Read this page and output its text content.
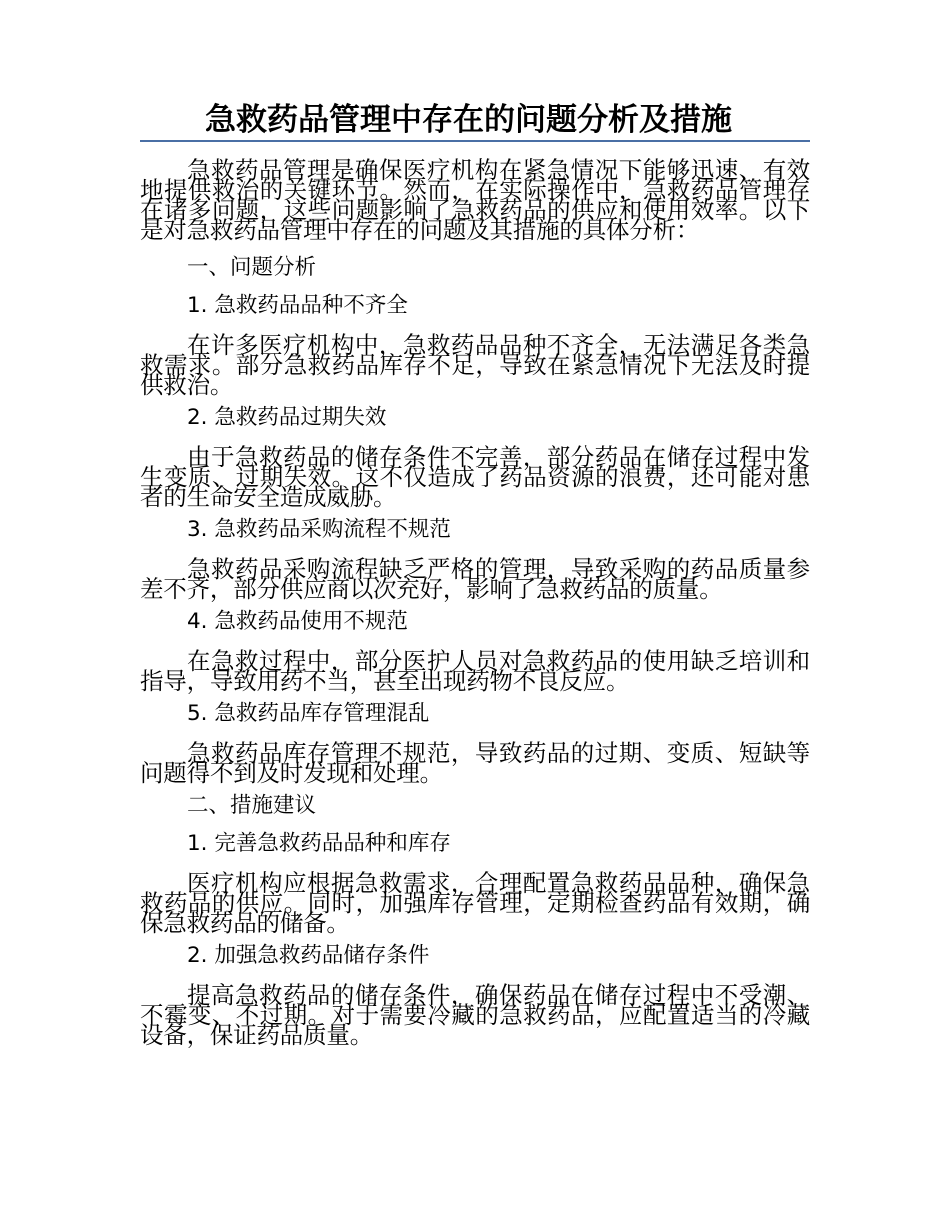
急救药品管理中存在的问题分析及措施

急救药品管理是确保医疗机构在紧急情况下能够迅速、有效地提供救治的关键环节。然而，在实际操作中，急救药品管理存在诸多问题，这些问题影响了急救药品的供应和使用效率。以下是对急救药品管理中存在的问题及其措施的具体分析：

一、问题分析

1. 急救药品品种不齐全

在许多医疗机构中，急救药品品种不齐全，无法满足各类急救需求。部分急救药品库存不足，导致在紧急情况下无法及时提供救治。

2. 急救药品过期失效

由于急救药品的储存条件不完善，部分药品在储存过程中发生变质、过期失效。这不仅造成了药品资源的浪费，还可能对患者的生命安全造成威胁。

3. 急救药品采购流程不规范

急救药品采购流程缺乏严格的管理，导致采购的药品质量参差不齐，部分供应商以次充好，影响了急救药品的质量。

4. 急救药品使用不规范

在急救过程中，部分医护人员对急救药品的使用缺乏培训和指导，导致用药不当，甚至出现药物不良反应。

5. 急救药品库存管理混乱

急救药品库存管理不规范，导致药品的过期、变质、短缺等问题得不到及时发现和处理。

二、措施建议

1. 完善急救药品品种和库存

医疗机构应根据急救需求，合理配置急救药品品种，确保急救药品的供应。同时，加强库存管理，定期检查药品有效期，确保急救药品的储备。

2. 加强急救药品储存条件

提高急救药品的储存条件，确保药品在储存过程中不受潮、不霉变、不过期。对于需要冷藏的急救药品，应配置适当的冷藏设备，保证药品质量。
